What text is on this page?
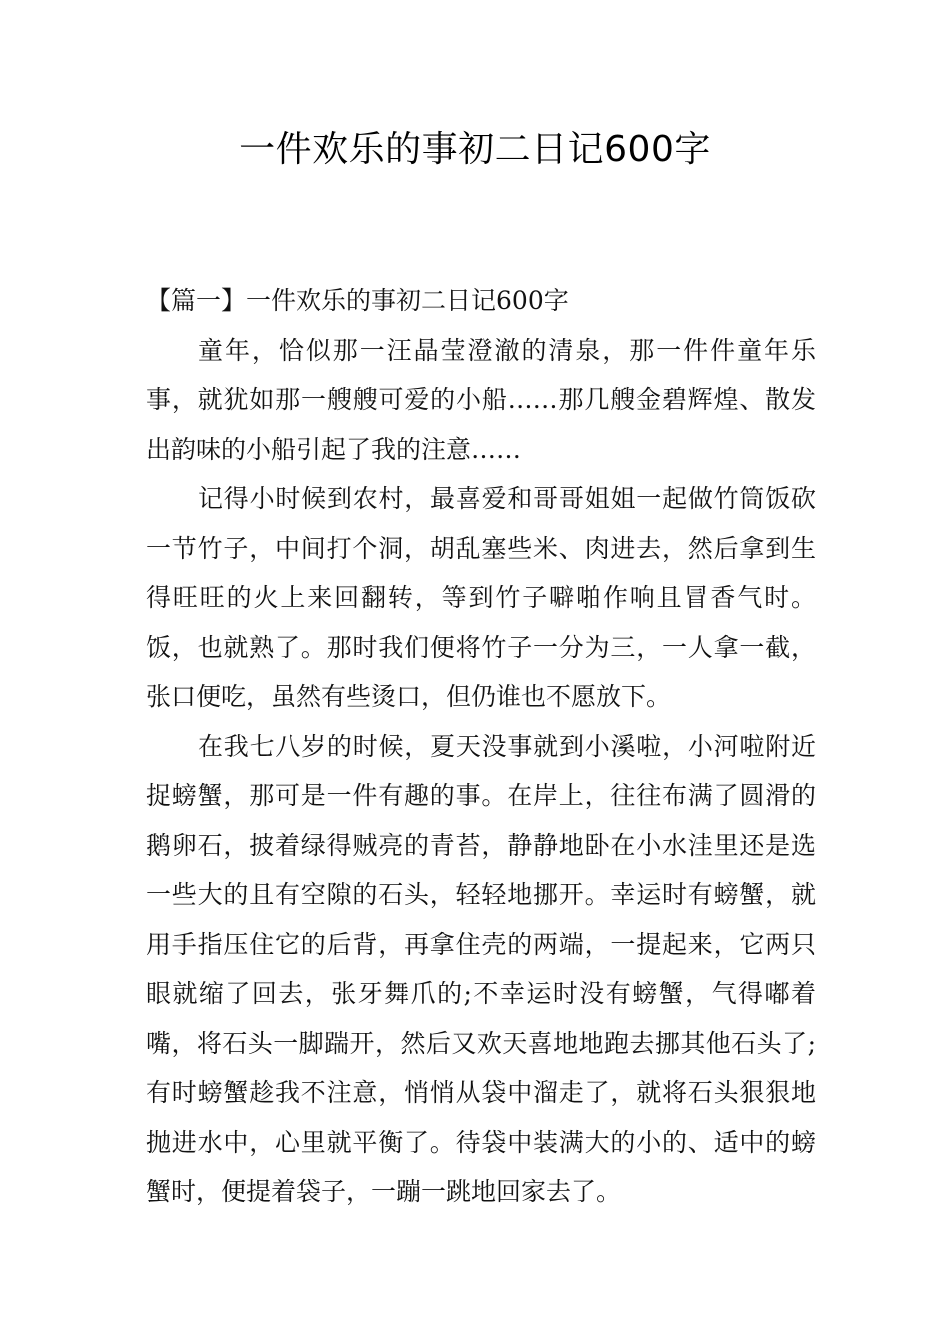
一件欢乐的事初二日记600字

【篇一】一件欢乐的事初二日记600字

童年，恰似那一汪晶莹澄澈的清泉，那一件件童年乐事，就犹如那一艘艘可爱的小船……那几艘金碧辉煌、散发出韵味的小船引起了我的注意……

记得小时候到农村，最喜爱和哥哥姐姐一起做竹筒饭砍一节竹子，中间打个洞，胡乱塞些米、肉进去，然后拿到生得旺旺的火上来回翻转，等到竹子噼啪作响且冒香气时。饭，也就熟了。那时我们便将竹子一分为三，一人拿一截，张口便吃，虽然有些烫口，但仍谁也不愿放下。

在我七八岁的时候，夏天没事就到小溪啦，小河啦附近捉螃蟹，那可是一件有趣的事。在岸上，往往布满了圆滑的鹅卵石，披着绿得贼亮的青苔，静静地卧在小水洼里还是选一些大的且有空隙的石头，轻轻地挪开。幸运时有螃蟹，就用手指压住它的后背，再拿住壳的两端，一提起来，它两只眼就缩了回去，张牙舞爪的;不幸运时没有螃蟹，气得嘟着嘴，将石头一脚踹开，然后又欢天喜地地跑去挪其他石头了;有时螃蟹趁我不注意，悄悄从袋中溜走了，就将石头狠狠地抛进水中，心里就平衡了。待袋中装满大的小的、适中的螃蟹时，便提着袋子，一蹦一跳地回家去了。
